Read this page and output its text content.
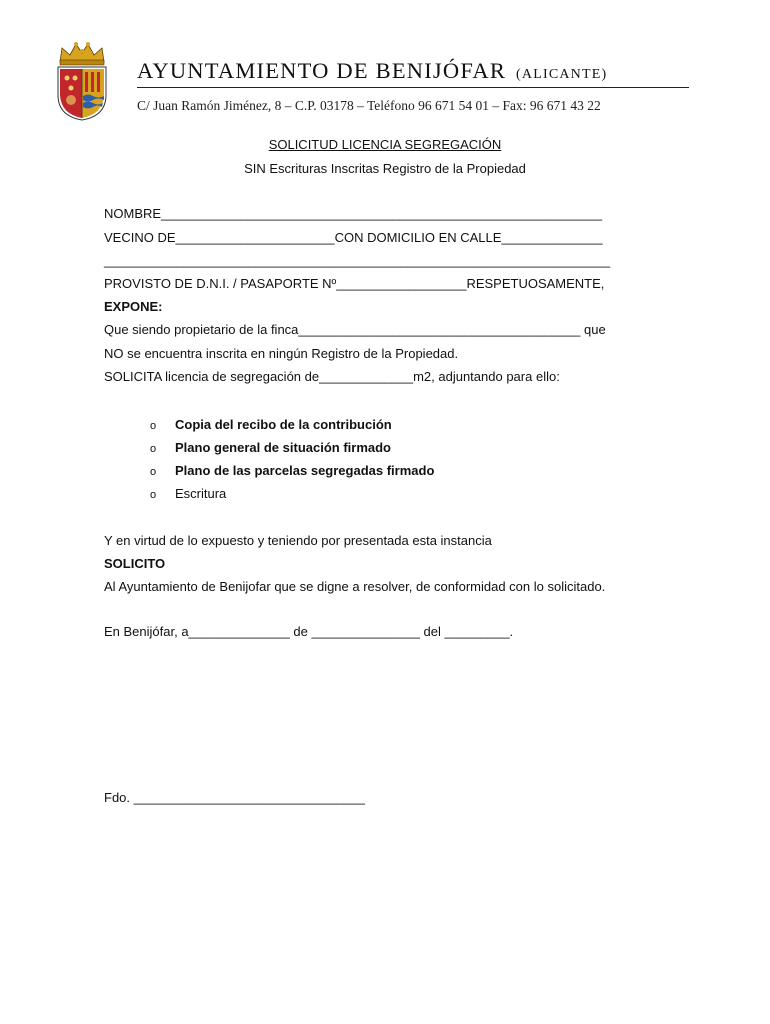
AYUNTAMIENTO DE BENIJÓFAR (ALICANTE)
C/ Juan Ramón Jiménez, 8 – C.P. 03178 – Teléfono 96 671 54 01 – Fax: 96 671 43 22
SOLICITUD LICENCIA SEGREGACIÓN
SIN Escrituras Inscritas Registro de la Propiedad
NOMBRE_____________________________________________________________
VECINO DE______________________CON DOMICILIO EN CALLE______________
______________________________________________________________________
PROVISTO DE D.N.I. / PASAPORTE Nº__________________RESPETUOSAMENTE,
EXPONE:
Que siendo propietario de la finca_______________________________________ que
NO se encuentra inscrita en ningún Registro de la Propiedad.
SOLICITA licencia de segregación de_____________m2, adjuntando para ello:
o Copia del recibo de la contribución
o Plano general de situación firmado
o Plano de las parcelas segregadas firmado
o Escritura
Y en virtud de lo expuesto y teniendo por presentada esta instancia
SOLICITO
Al Ayuntamiento de Benijofar que se digne a resolver, de conformidad con lo solicitado.
En Benijófar, a______________ de _______________ del _________.
Fdo. ________________________________
